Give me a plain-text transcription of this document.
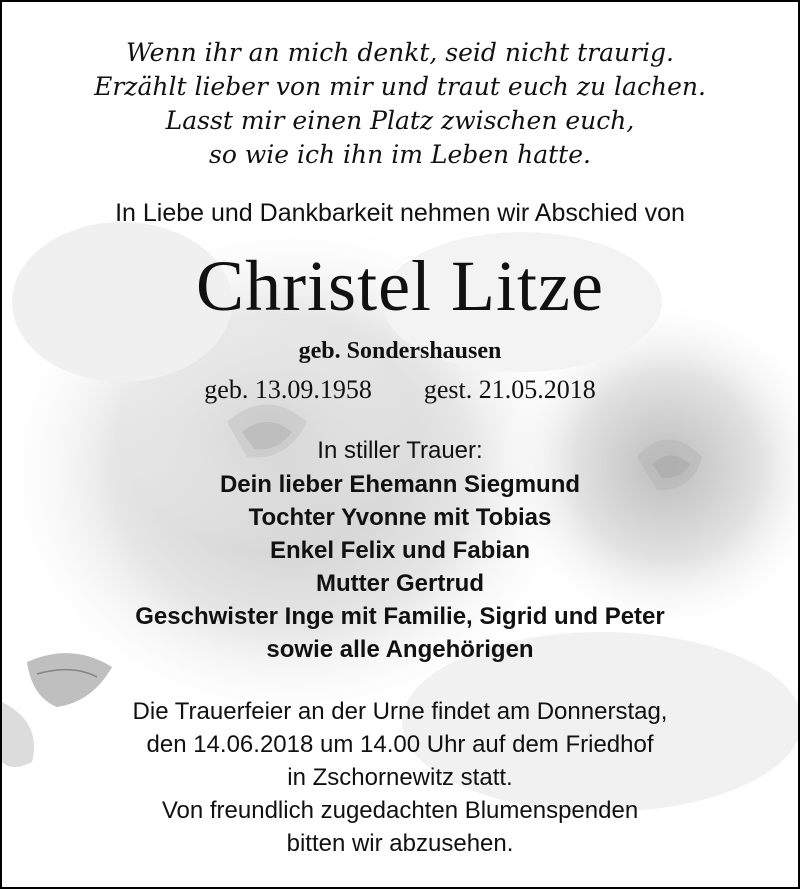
Wenn ihr an mich denkt, seid nicht traurig.
Erzählt lieber von mir und traut euch zu lachen.
Lasst mir einen Platz zwischen euch,
so wie ich ihn im Leben hatte.
In Liebe und Dankbarkeit nehmen wir Abschied von
Christel Litze
geb. Sondershausen
geb. 13.09.1958 gest. 21.05.2018
In stiller Trauer:
Dein lieber Ehemann Siegmund
Tochter Yvonne mit Tobias
Enkel Felix und Fabian
Mutter Gertrud
Geschwister Inge mit Familie, Sigrid und Peter
sowie alle Angehörigen
Die Trauerfeier an der Urne findet am Donnerstag,
den 14.06.2018 um 14.00 Uhr auf dem Friedhof
in Zschornewitz statt.
Von freundlich zugedachten Blumenspenden
bitten wir abzusehen.
